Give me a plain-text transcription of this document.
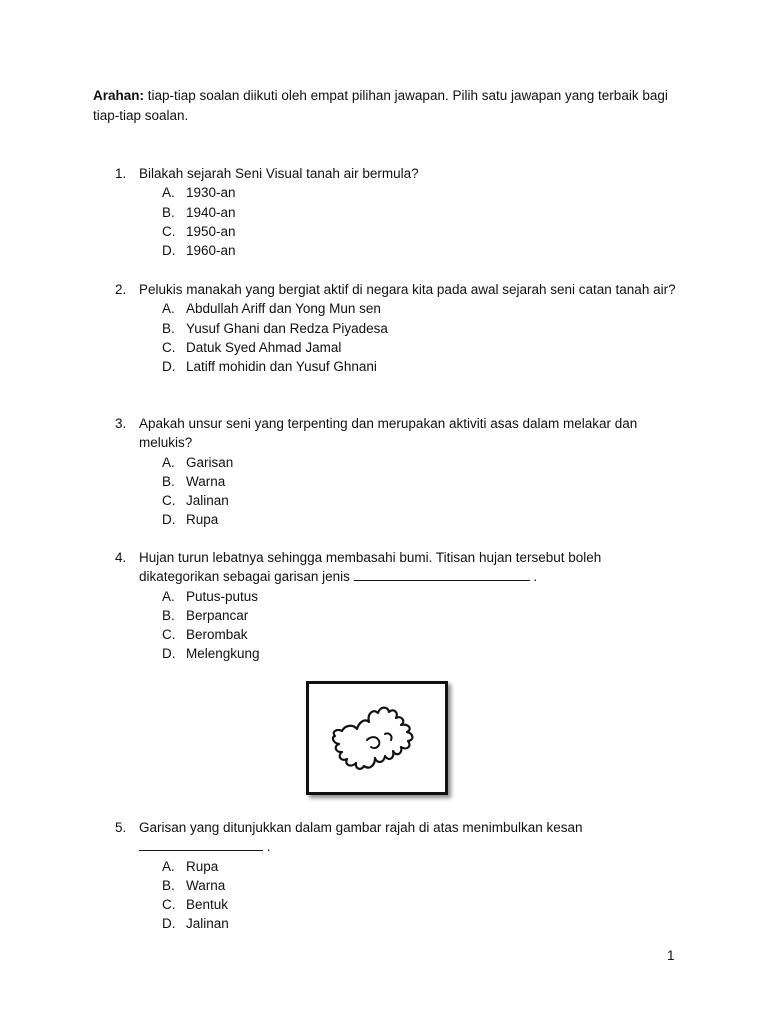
Arahan: tiap-tiap soalan diikuti oleh empat pilihan jawapan. Pilih satu jawapan yang terbaik bagi tiap-tiap soalan.
1. Bilakah sejarah Seni Visual tanah air bermula?
A. 1930-an
B. 1940-an
C. 1950-an
D. 1960-an
2. Pelukis manakah yang bergiat aktif di negara kita pada awal sejarah seni catan tanah air?
A. Abdullah Ariff dan Yong Mun sen
B. Yusuf Ghani dan Redza Piyadesa
C. Datuk Syed Ahmad Jamal
D. Latiff mohidin dan Yusuf Ghnani
3. Apakah unsur seni yang terpenting dan merupakan aktiviti asas dalam melakar dan melukis?
A. Garisan
B. Warna
C. Jalinan
D. Rupa
4. Hujan turun lebatnya sehingga membasahi bumi. Titisan hujan tersebut boleh dikategorikan sebagai garisan jenis	.
A. Putus-putus
B. Berpancar
C. Berombak
D. Melengkung
5. Garisan yang ditunjukkan dalam gambar rajah di atas menimbulkan kesan
.
A. Rupa
B. Warna
C. Bentuk
D. Jalinan
1
